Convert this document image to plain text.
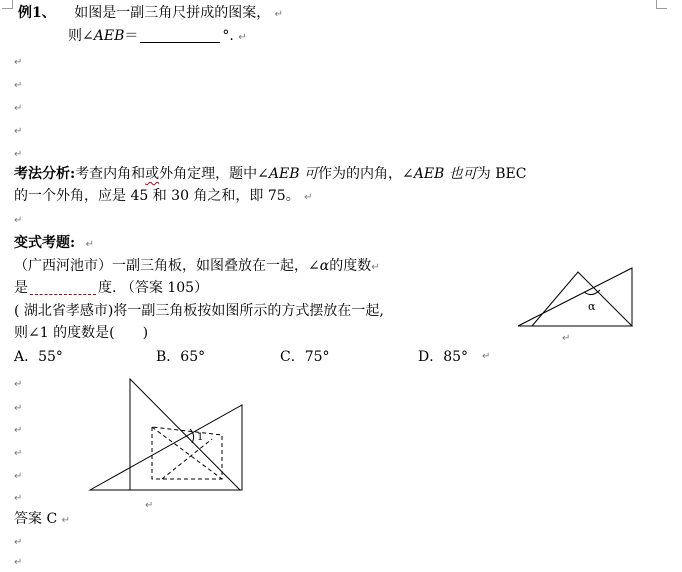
例1、 如图是一副三角尺拼成的图案， ↵
则∠AEB＝	°. ↵
↵
↵
↵
↵
↵
考法分析:考查内角和或外角定理，题中∠AEB 可作为的内角，∠AEB 也可为 BEC
的一个外角，应是 45 和 30 角之和，即 75。 ↵
↵
变式考题: ↵
（广西河池市）一副三角板，如图叠放在一起，∠α的度数↵
是	度. （答案 105）
( 湖北省孝感市)将一副三角板按如图所示的方式摆放在一起,
则∠1 的度数是( )
A．55°	B．65°	C．75°	D．85° ↵
α
↵
1
↵
↵
↵
↵
↵
↵
↵
答案 C ↵
↵
↵
